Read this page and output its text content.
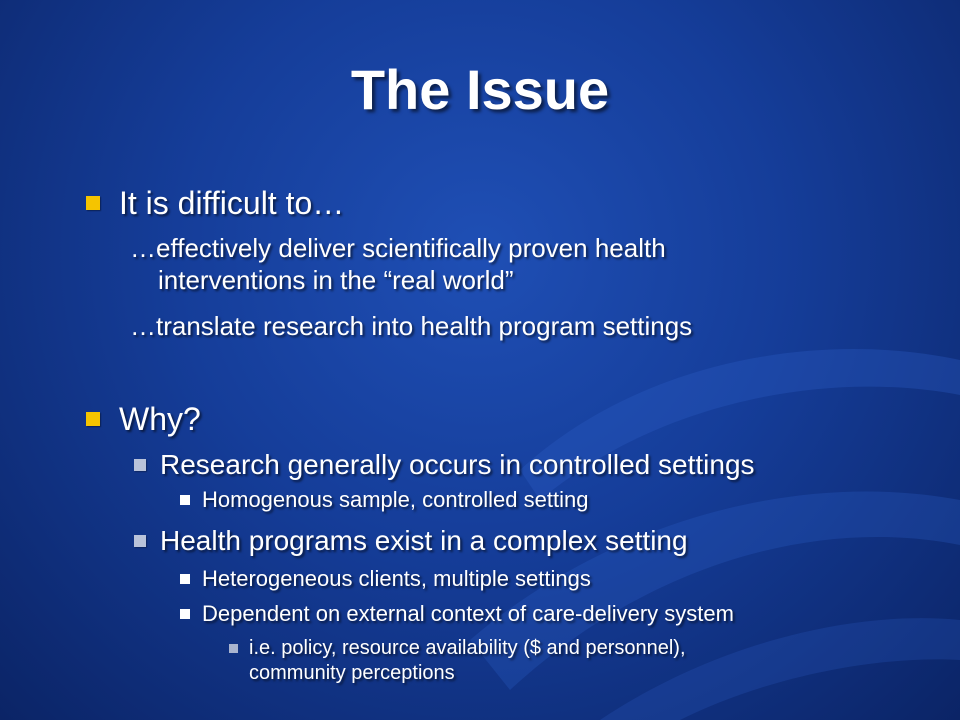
The Issue
It is difficult to…
…effectively deliver scientifically proven health
interventions in the “real world”
…translate research into health program settings
Why?
Research generally occurs in controlled settings
Homogenous sample, controlled setting
Health programs exist in a complex setting
Heterogeneous clients, multiple settings
Dependent on external context of care-delivery system
i.e. policy, resource availability ($ and personnel),
community perceptions
